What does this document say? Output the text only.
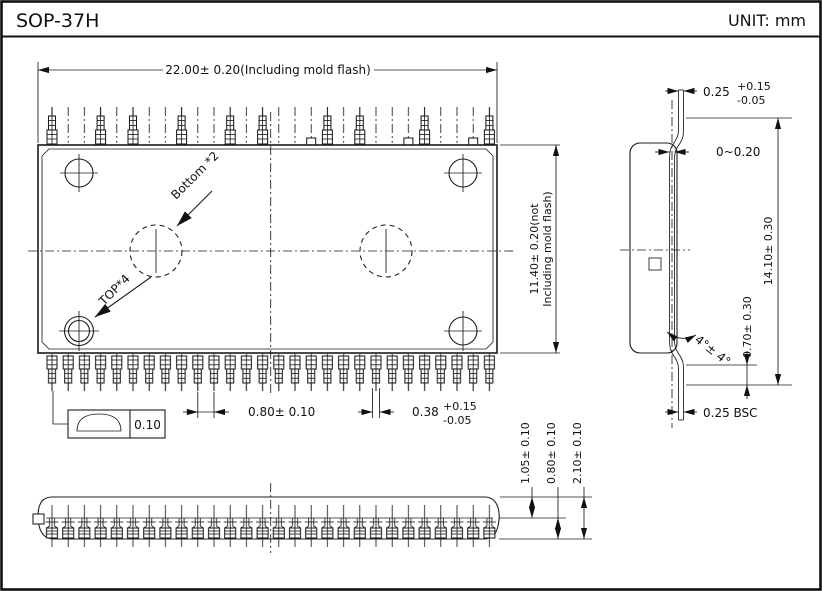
SOP-37H	UNIT: mm
22.00± 0.20(Including mold flash)
Bottom *2
TOP*4	11.40± 0.20(not Including mold flash)
0.80± 0.10	0.38 +0.15
-0.05
0.10
0.25 +0.15
-0.05
0~0.20
14.10± 0.30
0.70± 0.30
4°± 4°
0.25 BSC
1.05± 0.10 0.80± 0.10 2.10± 0.10
